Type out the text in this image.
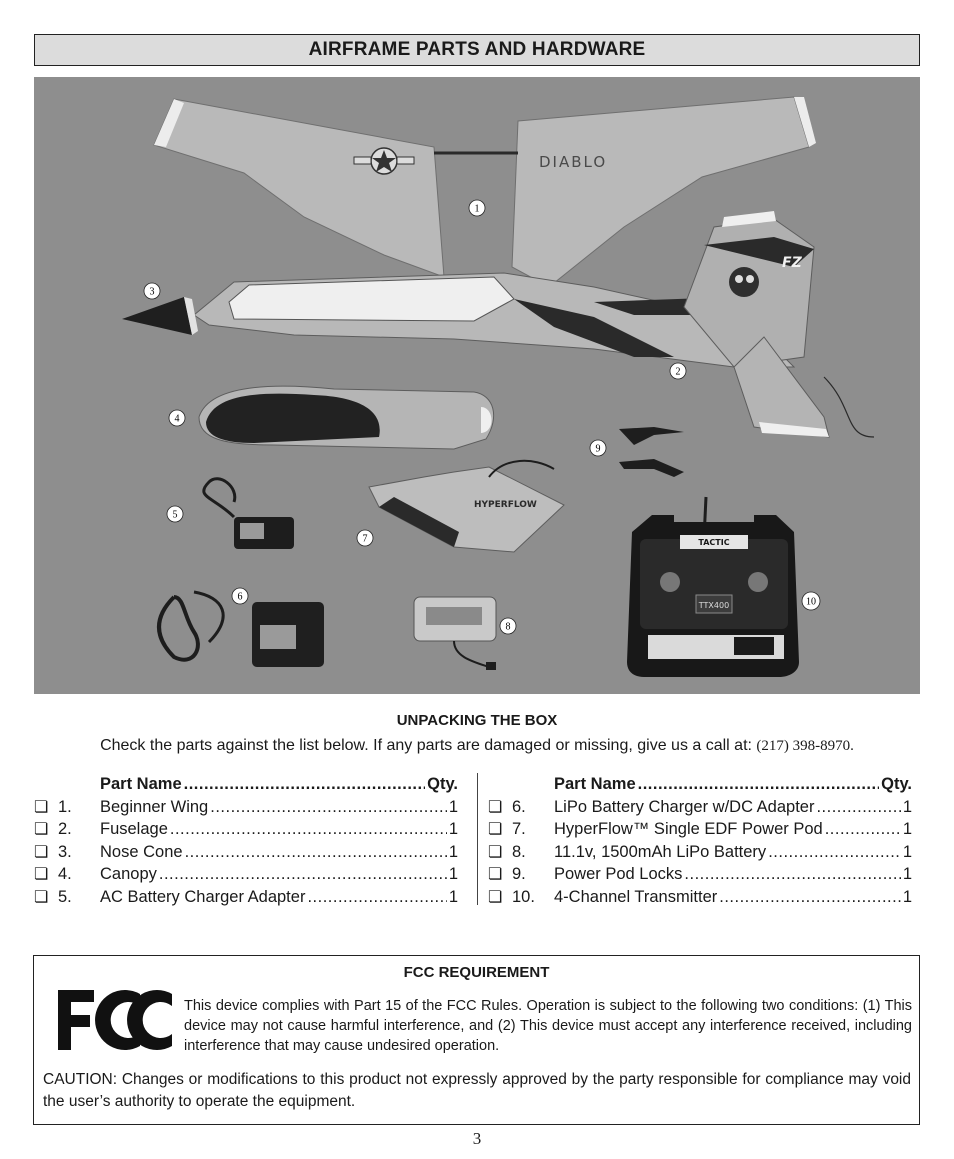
AIRFRAME PARTS AND HARDWARE
DIABLO
FZ
HYPERFLOW
TACTIC
TTX400
1
2
3
4
5
6
7
8
9
10
UNPACKING THE BOX
Check the parts against the list below. If any parts are damaged or missing, give us a call at: (217) 398-8970.
Part Name .....	Qty.
❏ 1.	Beginner Wing .....	1
❏ 2.	Fuselage .....	1
❏ 3.	Nose Cone .....	1
❏ 4.	Canopy .....	1
❏ 5.	AC Battery Charger Adapter .....	1
Part Name .....	Qty.
❏ 6.	LiPo Battery Charger w/DC Adapter .....	1
❏ 7.	HyperFlow™ Single EDF Power Pod .....	1
❏ 8.	11.1v, 1500mAh LiPo Battery .....	1
❏ 9.	Power Pod Locks .....	1
❏ 10.	4-Channel Transmitter .....	1
FCC REQUIREMENT
This device complies with Part 15 of the FCC Rules. Operation is subject to the following two conditions: (1) This device may not cause harmful interference, and (2) This device must accept any interference received, including interference that may cause undesired operation.
CAUTION: Changes or modifications to this product not expressly approved by the party responsible for compliance may void the user’s authority to operate the equipment.
3
